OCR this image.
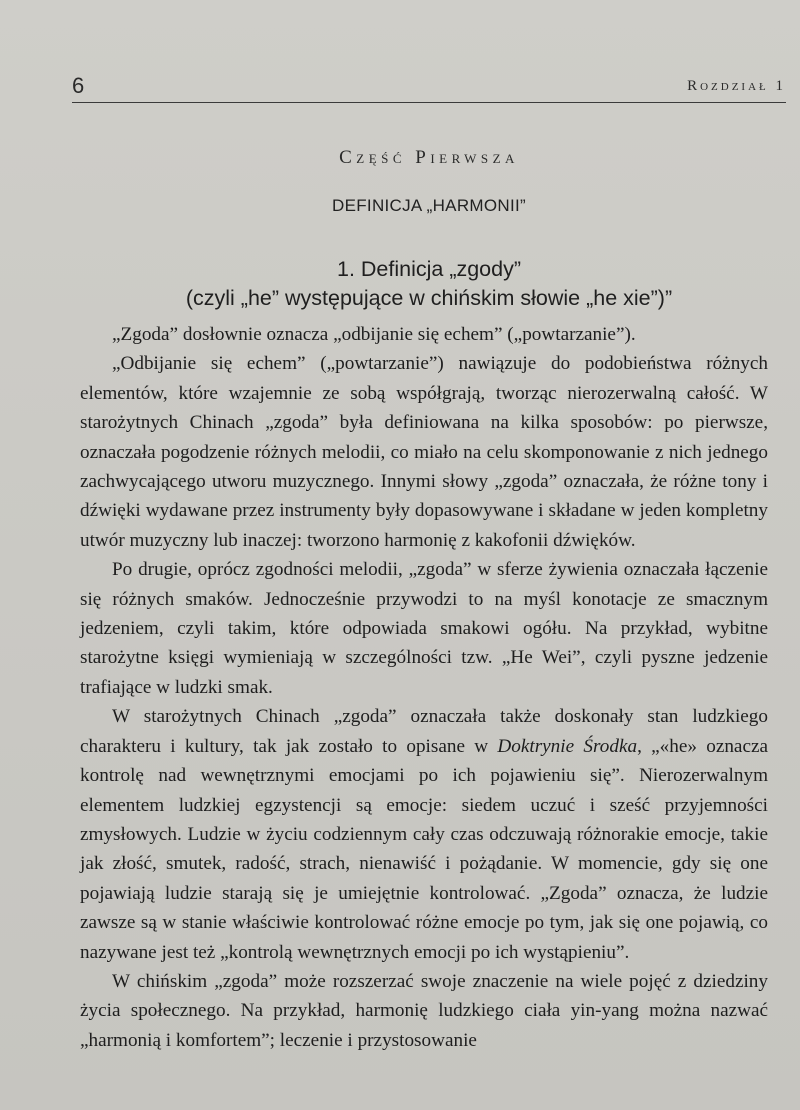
6	Rozdział 1
Część Pierwsza
DEFINICJA „HARMONII”
1. Definicja „zgody”
(czyli „he” występujące w chińskim słowie „he xie”)”

„Zgoda” dosłownie oznacza „odbijanie się echem” („powtarzanie”).

„Odbijanie się echem” („powtarzanie”) nawiązuje do podobieństwa różnych elementów, które wzajemnie ze sobą współgrają, tworząc nierozerwalną całość. W starożytnych Chinach „zgoda” była definiowana na kilka sposobów: po pierwsze, oznaczała pogodzenie różnych melodii, co miało na celu skomponowanie z nich jednego zachwycającego utworu muzycznego. Innymi słowy „zgoda” oznaczała, że różne tony i dźwięki wydawane przez instrumenty były dopasowywane i składane w jeden kompletny utwór muzyczny lub inaczej: tworzono harmonię z kakofonii dźwięków.

Po drugie, oprócz zgodności melodii, „zgoda” w sferze żywienia oznaczała łączenie się różnych smaków. Jednocześnie przywodzi to na myśl konotacje ze smacznym jedzeniem, czyli takim, które odpowiada smakowi ogółu. Na przykład, wybitne starożytne księgi wymieniają w szczególności tzw. „He Wei”, czyli pyszne jedzenie trafiające w ludzki smak.

W starożytnych Chinach „zgoda” oznaczała także doskonały stan ludzkiego charakteru i kultury, tak jak zostało to opisane w Doktrynie Środka, „«he» oznacza kontrolę nad wewnętrznymi emocjami po ich pojawieniu się”. Nierozerwalnym elementem ludzkiej egzystencji są emocje: siedem uczuć i sześć przyjemności zmysłowych. Ludzie w życiu codziennym cały czas odczuwają różnorakie emocje, takie jak złość, smutek, radość, strach, nienawiść i pożądanie. W momencie, gdy się one pojawiają ludzie starają się je umiejętnie kontrolować. „Zgoda” oznacza, że ludzie zawsze są w stanie właściwie kontrolować różne emocje po tym, jak się one pojawią, co nazywane jest też „kontrolą wewnętrznych emocji po ich wystąpieniu”.

W chińskim „zgoda” może rozszerzać swoje znaczenie na wiele pojęć z dziedziny życia społecznego. Na przykład, harmonię ludzkiego ciała yin-yang można nazwać „harmonią i komfortem”; leczenie i przystosowanie
